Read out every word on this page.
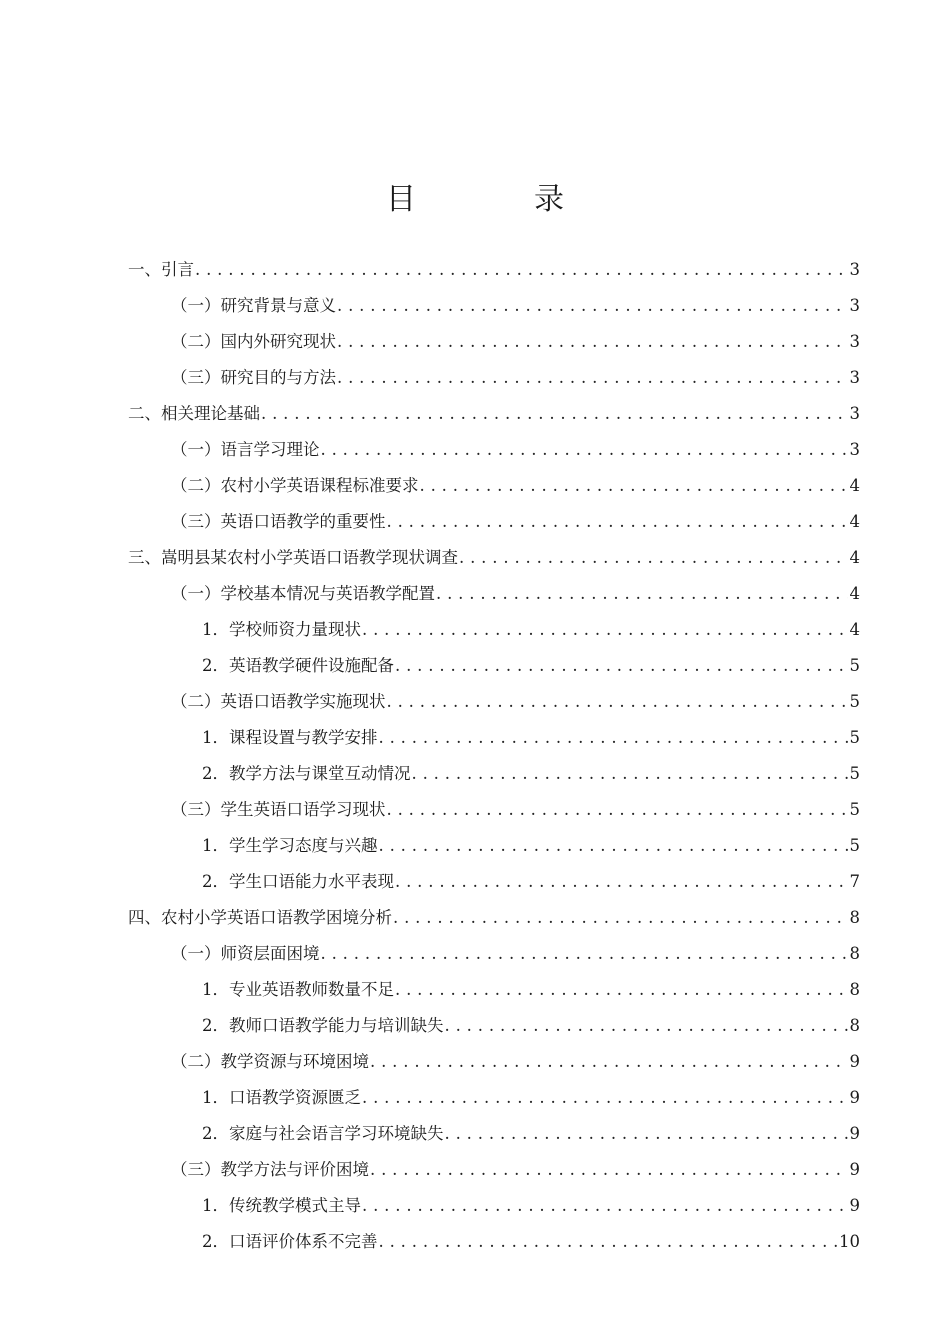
目　录
一、引言 . . .	3
（一）研究背景与意义 . . .	3
（二）国内外研究现状 . . .	3
（三）研究目的与方法 . . .	3
二、相关理论基础 . . .	3
（一）语言学习理论 . . .	3
（二）农村小学英语课程标准要求 . . .	4
（三）英语口语教学的重要性 . . .	4
三、嵩明县某农村小学英语口语教学现状调查 . . .	4
（一）学校基本情况与英语教学配置 . . .	4
1．学校师资力量现状 . . .	4
2．英语教学硬件设施配备 . . .	5
（二）英语口语教学实施现状 . . .	5
1．课程设置与教学安排 . . .	5
2．教学方法与课堂互动情况 . . .	5
（三）学生英语口语学习现状 . . .	5
1．学生学习态度与兴趣 . . .	5
2．学生口语能力水平表现 . . .	7
四、农村小学英语口语教学困境分析 . . .	8
（一）师资层面困境 . . .	8
1．专业英语教师数量不足 . . .	8
2．教师口语教学能力与培训缺失 . . .	8
（二）教学资源与环境困境 . . .	9
1．口语教学资源匮乏 . . .	9
2．家庭与社会语言学习环境缺失 . . .	9
（三）教学方法与评价困境 . . .	9
1．传统教学模式主导 . . .	9
2．口语评价体系不完善 . . .	10
